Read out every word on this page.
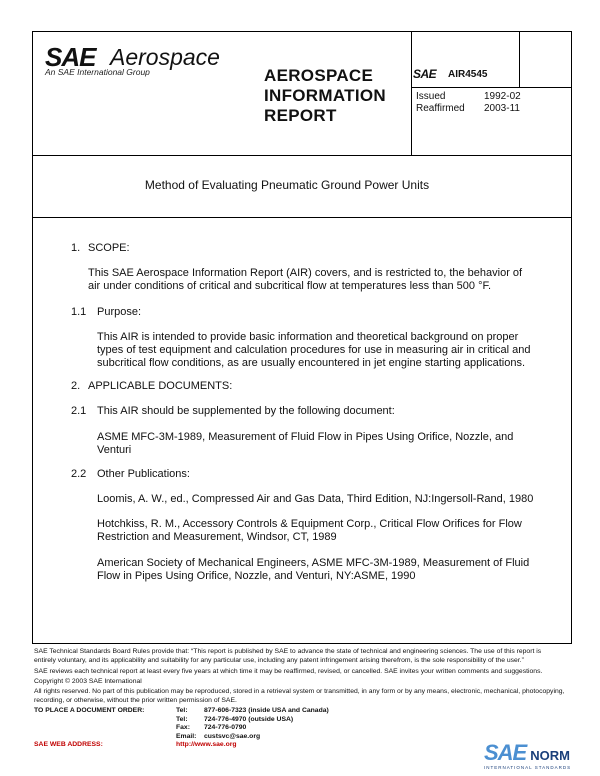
SAE Aerospace
An SAE International Group	AEROSPACE
INFORMATION
REPORT
SAE AIR4545
Issued	1992-02
Reaffirmed 2003-11
Method of Evaluating Pneumatic Ground Power Units
1. SCOPE:
This SAE Aerospace Information Report (AIR) covers, and is restricted to, the behavior of
air under conditions of critical and subcritical flow at temperatures less than 500 °F.
1.1 Purpose:
This AIR is intended to provide basic information and theoretical background on proper
types of test equipment and calculation procedures for use in measuring air in critical and
subcritical flow conditions, as are usually encountered in jet engine starting applications.
2. APPLICABLE DOCUMENTS:
2.1 This AIR should be supplemented by the following document:
ASME MFC-3M-1989, Measurement of Fluid Flow in Pipes Using Orifice, Nozzle, and
Venturi
2.2 Other Publications:
Loomis, A. W., ed., Compressed Air and Gas Data, Third Edition, NJ:Ingersoll-Rand, 1980
Hotchkiss, R. M., Accessory Controls & Equipment Corp., Critical Flow Orifices for Flow
Restriction and Measurement, Windsor, CT, 1989
American Society of Mechanical Engineers, ASME MFC-3M-1989, Measurement of Fluid
Flow in Pipes Using Orifice, Nozzle, and Venturi, NY:ASME, 1990
SAE Technical Standards Board Rules provide that: “This report is published by SAE to advance the state of technical and engineering sciences. The use of this report is
entirely voluntary, and its applicability and suitability for any particular use, including any patent infringement arising therefrom, is the sole responsibility of the user.”
SAE reviews each technical report at least every five years at which time it may be reaffirmed, revised, or cancelled. SAE invites your written comments and suggestions.
Copyright © 2003 SAE International
All rights reserved. No part of this publication may be reproduced, stored in a retrieval system or transmitted, in any form or by any means, electronic, mechanical, photocopying,
recording, or otherwise, without the prior written permission of SAE.
TO PLACE A DOCUMENT ORDER:	Tel: 877-606-7323 (inside USA and Canada)
Tel: 724-776-4970 (outside USA)
Fax: 724-776-0790
Email: custsvc@sae.org
SAE WEB ADDRESS:	http://www.sae.org	SAE NORM
INTERNATIONAL STANDARDS
